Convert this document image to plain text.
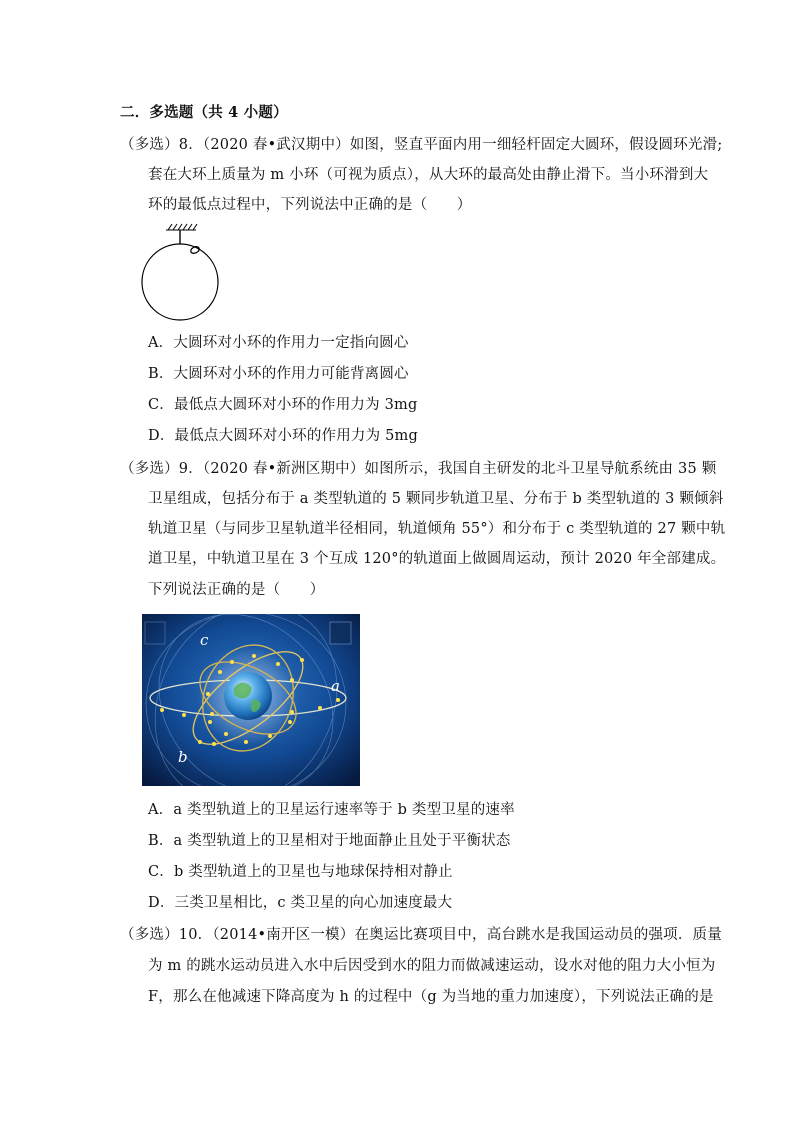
二．多选题（共 4 小题）
（多选）8．（2020 春•武汉期中）如图，竖直平面内用一细轻杆固定大圆环，假设圆环光滑;
套在大环上质量为 m 小环（可视为质点），从大环的最高处由静止滑下。当小环滑到大
环的最低点过程中，下列说法中正确的是（　　）
A．大圆环对小环的作用力一定指向圆心
B．大圆环对小环的作用力可能背离圆心
C．最低点大圆环对小环的作用力为 3mg
D．最低点大圆环对小环的作用力为 5mg
（多选）9．（2020 春•新洲区期中）如图所示，我国自主研发的北斗卫星导航系统由 35 颗
卫星组成，包括分布于 a 类型轨道的 5 颗同步轨道卫星、分布于 b 类型轨道的 3 颗倾斜
轨道卫星（与同步卫星轨道半径相同，轨道倾角 55°）和分布于 c 类型轨道的 27 颗中轨
道卫星，中轨道卫星在 3 个互成 120°的轨道面上做圆周运动，预计 2020 年全部建成。
下列说法正确的是（　　）
c
a
b
A．a 类型轨道上的卫星运行速率等于 b 类型卫星的速率
B．a 类型轨道上的卫星相对于地面静止且处于平衡状态
C．b 类型轨道上的卫星也与地球保持相对静止
D．三类卫星相比，c 类卫星的向心加速度最大
（多选）10．（2014•南开区一模）在奥运比赛项目中，高台跳水是我国运动员的强项．质量
为 m 的跳水运动员进入水中后因受到水的阻力而做减速运动，设水对他的阻力大小恒为
F，那么在他减速下降高度为 h 的过程中（g 为当地的重力加速度），下列说法正确的是
